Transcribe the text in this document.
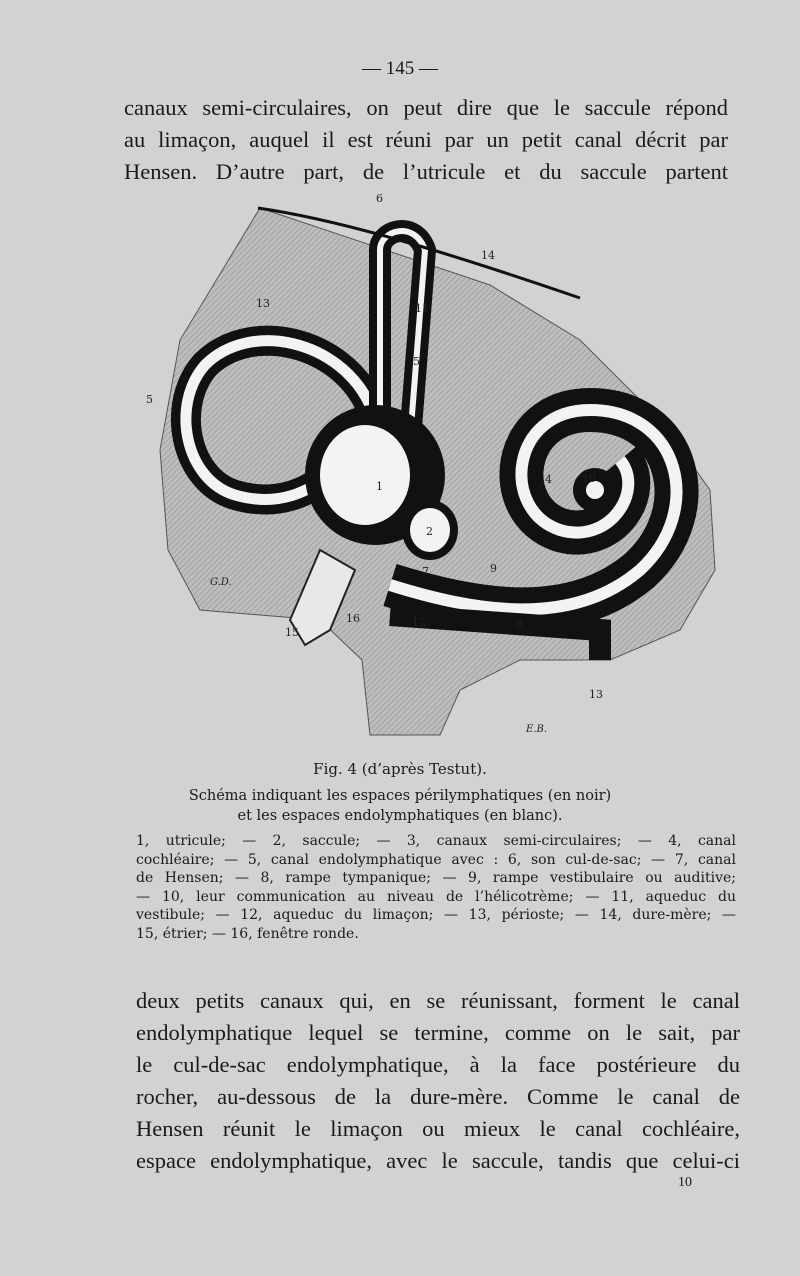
— 145 —
canaux semi-circulaires, on peut dire que le saccule répond
au limaçon, auquel il est réuni par un petit canal décrit par
Hensen. D’autre part, de l’utricule et du saccule partent
1
2
4
5
5
6
7
8
9
10
11
12
13
13
14
15
16
G.D.
E.B.
Fig. 4 (d’après Testut).
Schéma indiquant les espaces périlymphatiques (en noir)
et les espaces endolymphatiques (en blanc).
1, utricule; — 2, saccule; — 3, canaux semi-circulaires; — 4, canal
cochléaire; — 5, canal endolymphatique avec : 6, son cul-de-sac; — 7, canal
de Hensen; — 8, rampe tympanique; — 9, rampe vestibulaire ou auditive;
— 10, leur communication au niveau de l’hélicotrème; — 11, aqueduc du
vestibule; — 12, aqueduc du limaçon; — 13, périoste; — 14, dure-mère; —
15, étrier; — 16, fenêtre ronde.
deux petits canaux qui, en se réunissant, forment le canal
endolymphatique lequel se termine, comme on le sait, par
le cul-de-sac endolymphatique, à la face postérieure du
rocher, au-dessous de la dure-mère. Comme le canal de
Hensen réunit le limaçon ou mieux le canal cochléaire,
espace endolymphatique, avec le saccule, tandis que celui-ci
10
